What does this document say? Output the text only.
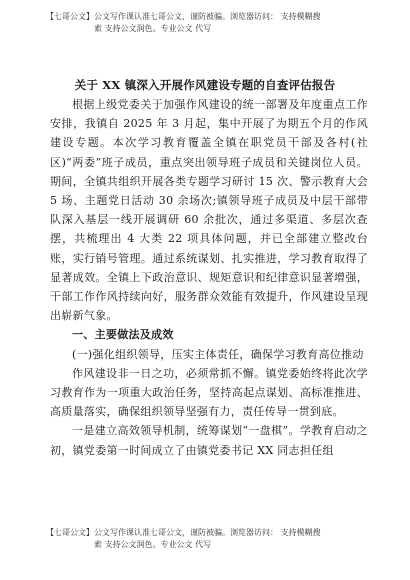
【七哥公文】公文写作课认准七哥公文，谨防被骗。浏览器访问： 支持模糊搜
索 支持公文润色。专业公文 代写
关于 XX 镇深入开展作风建设专题的自查评估报告

根据上级党委关于加强作风建设的统一部署及年度重点工作安排，我镇自 2025 年 3 月起，集中开展了为期五个月的作风建设专题。本次学习教育覆盖全镇在职党员干部及各村(社区)“两委”班子成员，重点突出领导班子成员和关键岗位人员。期间，全镇共组织开展各类专题学习研讨 15 次、警示教育大会 5 场、主题党日活动 30 余场次;镇领导班子成员及中层干部带队深入基层一线开展调研 60 余批次，通过多渠道、多层次查摆，共梳理出 4 大类 22 项具体问题，并已全部建立整改台账，实行销号管理。通过系统谋划、扎实推进，学习教育取得了显著成效。全镇上下政治意识、规矩意识和纪律意识显著增强，干部工作作风持续向好，服务群众效能有效提升，作风建设呈现出崭新气象。

一、主要做法及成效

(一)强化组织领导，压实主体责任，确保学习教育高位推动

作风建设非一日之功，必须常抓不懈。镇党委始终将此次学习教育作为一项重大政治任务，坚持高起点谋划、高标准推进、高质量落实，确保组织领导坚强有力，责任传导一贯到底。

一是建立高效领导机制，统筹谋划“一盘棋”。学教育启动之初，镇党委第一时间成立了由镇党委书记 XX 同志担任组

【七哥公文】公文写作课认准七哥公文，谨防被骗。浏览器访问： 支持模糊搜
索 支持公文润色。专业公文 代写
